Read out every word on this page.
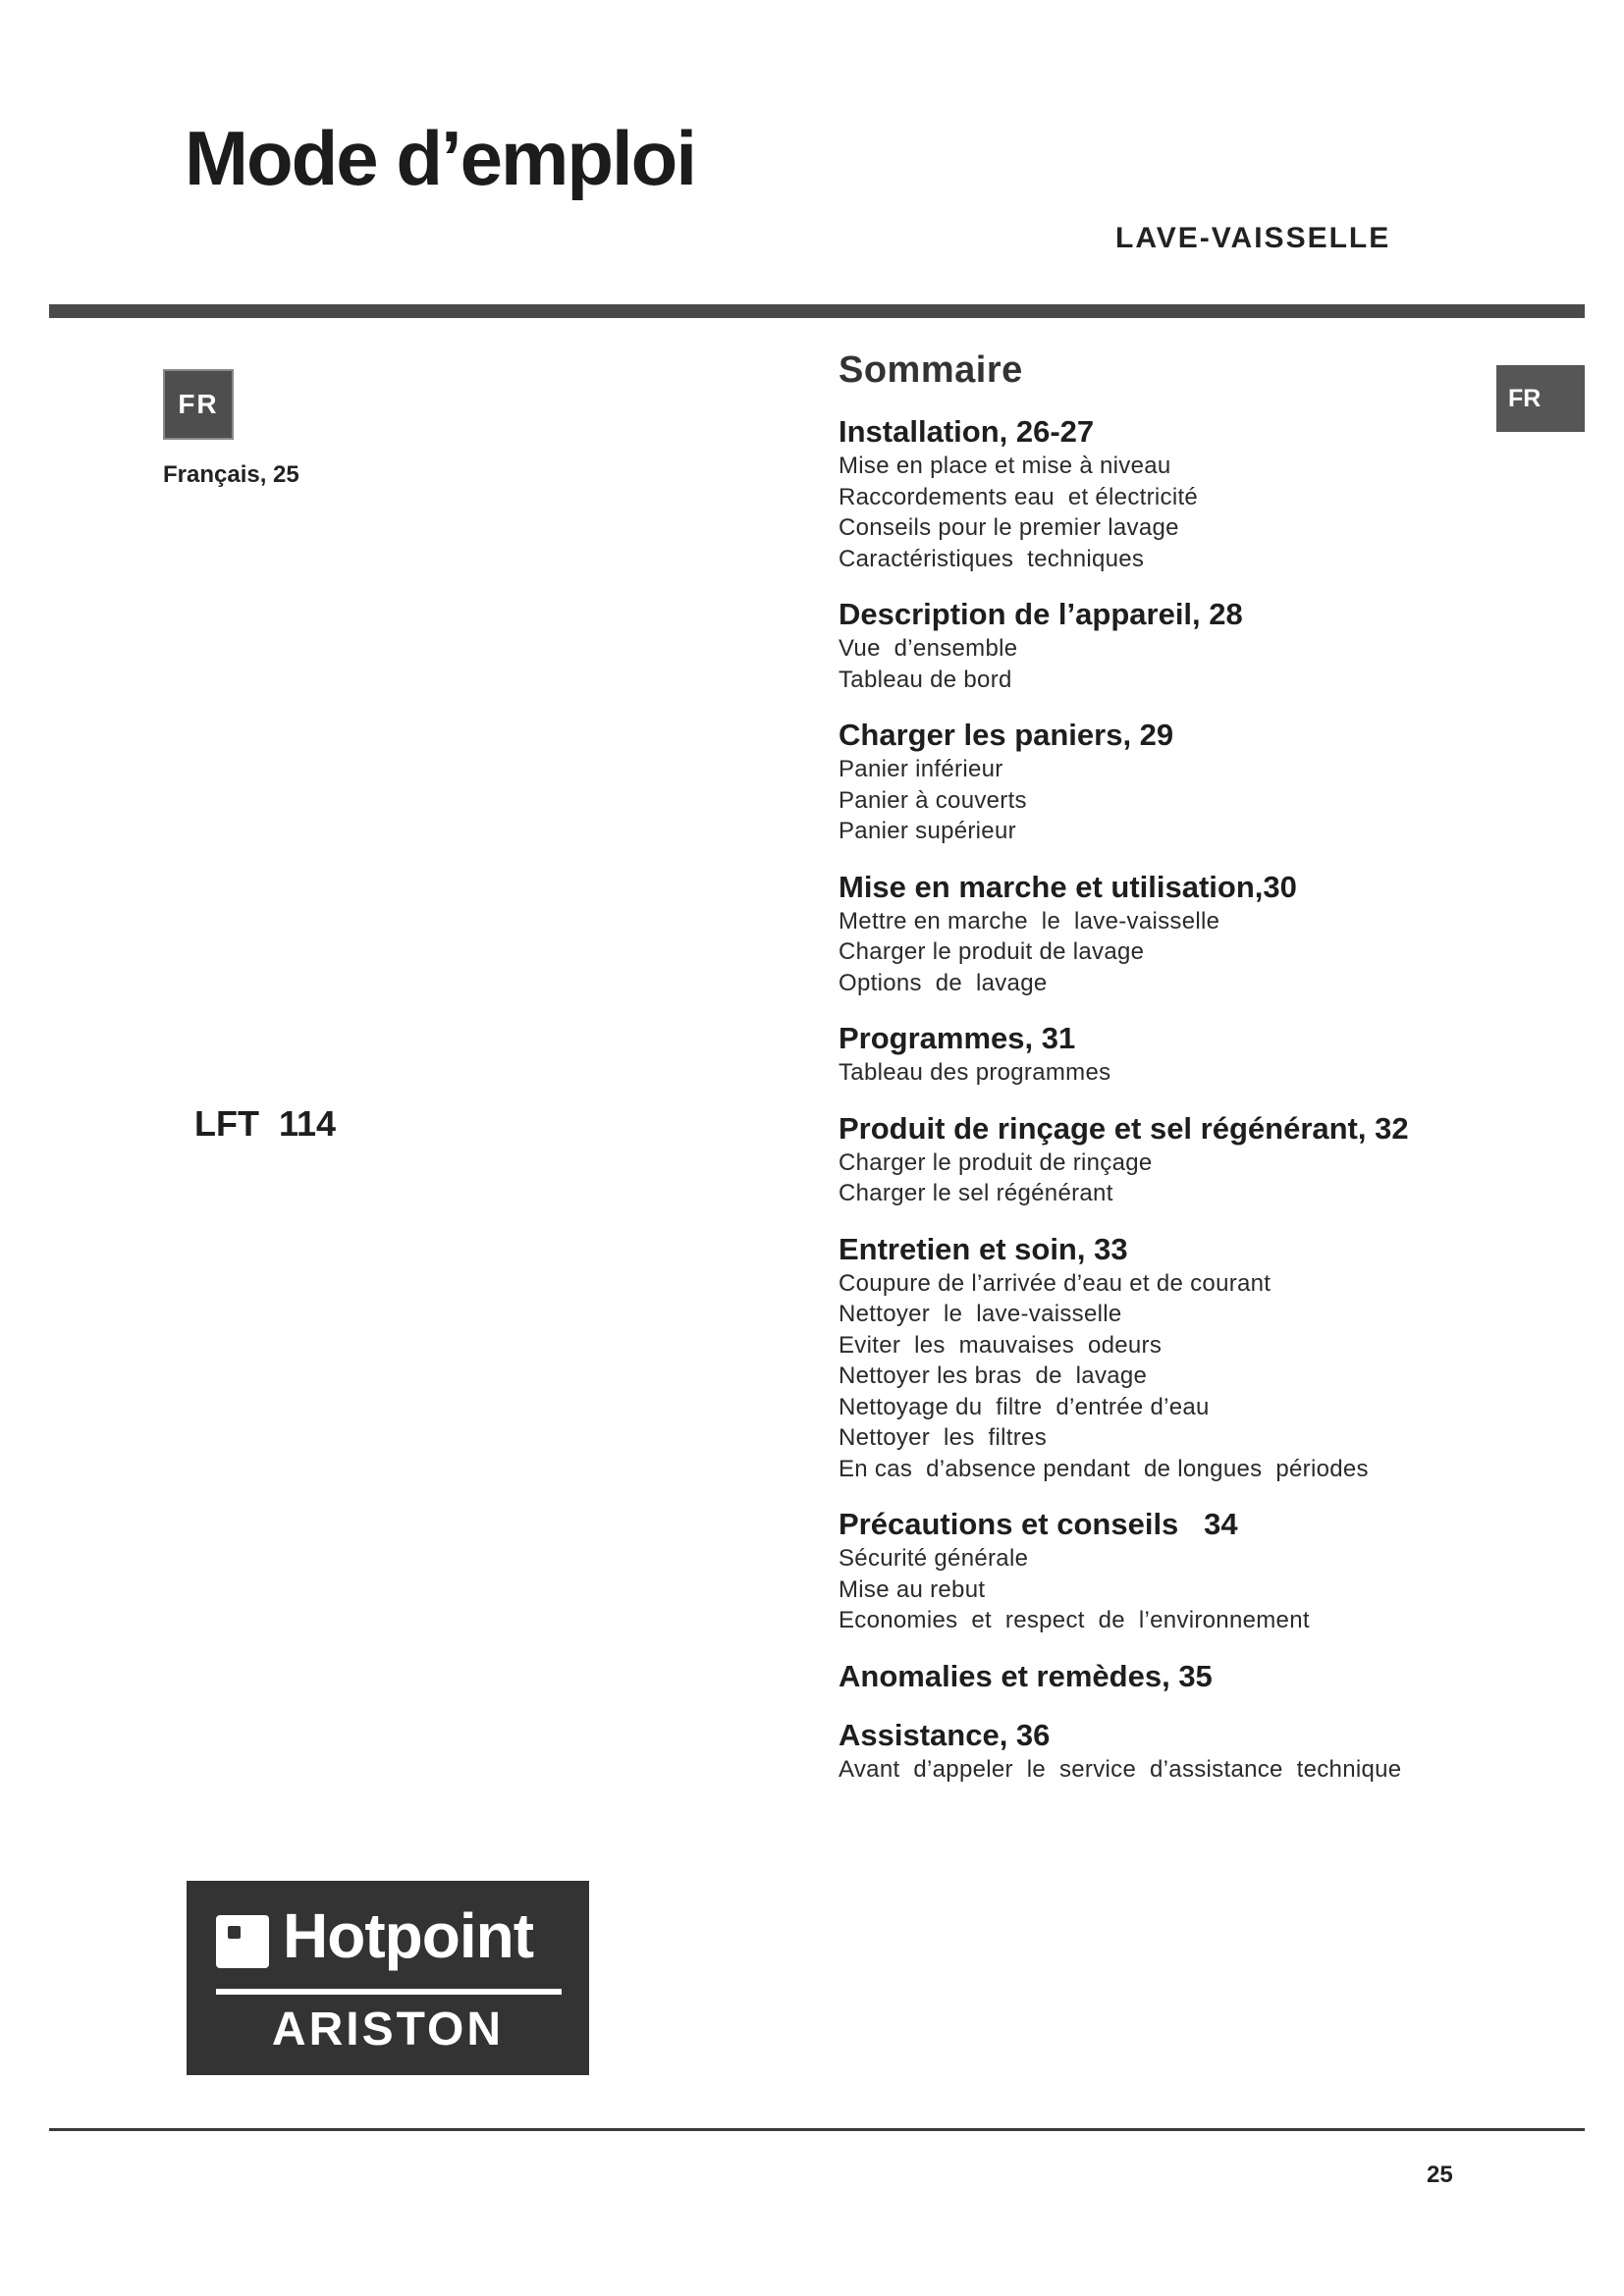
Mode d’emploi
LAVE-VAISSELLE
FR
Français, 25
LFT  114
FR
Sommaire
Installation, 26-27
Mise en place et mise à niveau
Raccordements eau  et électricité
Conseils pour le premier lavage
Caractéristiques  techniques
Description de l’appareil, 28
Vue  d’ensemble
Tableau de bord
Charger les paniers, 29
Panier inférieur
Panier à couverts
Panier supérieur
Mise en marche et utilisation,30
Mettre en marche  le  lave-vaisselle
Charger le produit de lavage
Options  de  lavage
Programmes, 31
Tableau des programmes
Produit de rinçage et sel régénérant, 32
Charger le produit de rinçage
Charger le sel régénérant
Entretien et soin, 33
Coupure de l’arrivée d’eau et de courant
Nettoyer  le  lave-vaisselle
Eviter  les  mauvaises  odeurs
Nettoyer les bras  de  lavage
Nettoyage du  filtre  d’entrée d’eau
Nettoyer  les  filtres
En cas  d’absence pendant  de longues  périodes
Précautions et conseils   34
Sécurité générale
Mise au rebut
Economies  et  respect  de  l’environnement
Anomalies et remèdes, 35
Assistance, 36
Avant  d’appeler  le  service  d’assistance  technique
Hotpoint
ARISTON
25
